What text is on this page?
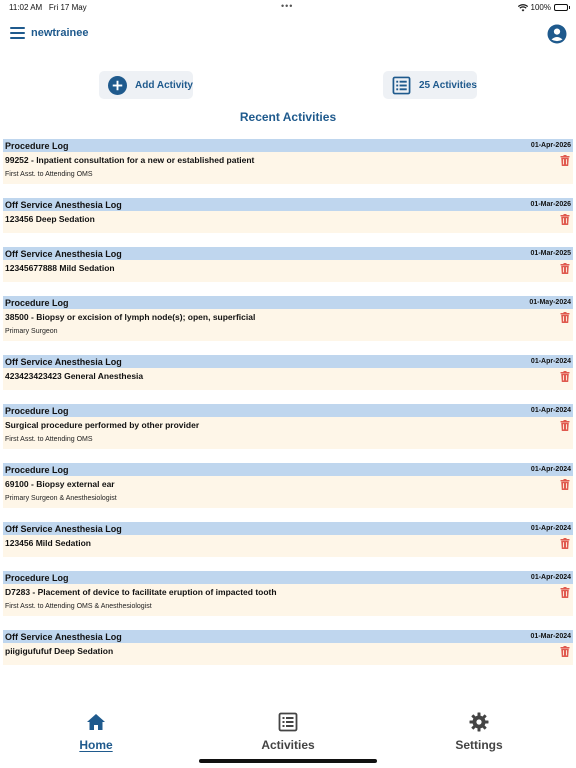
11:02 AM Fri 17 May	•••	100%
newtrainee
Add Activity	25 Activities
Recent Activities
Procedure Log	01-Apr-2026
99252 - Inpatient consultation for a new or established patient
First Asst. to Attending OMS
Off Service Anesthesia Log	01-Mar-2026
123456 Deep Sedation
Off Service Anesthesia Log	01-Mar-2025
12345677888 Mild Sedation
Procedure Log	01-May-2024
38500 - Biopsy or excision of lymph node(s); open, superficial
Primary Surgeon
Off Service Anesthesia Log	01-Apr-2024
423423423423 General Anesthesia
Procedure Log	01-Apr-2024
Surgical procedure performed by other provider
First Asst. to Attending OMS
Procedure Log	01-Apr-2024
69100 - Biopsy external ear
Primary Surgeon & Anesthesiologist
Off Service Anesthesia Log	01-Apr-2024
123456 Mild Sedation
Procedure Log	01-Apr-2024
D7283 - Placement of device to facilitate eruption of impacted tooth
First Asst. to Attending OMS & Anesthesiologist
Off Service Anesthesia Log	01-Mar-2024
piigigufufuf Deep Sedation
Home	Activities	Settings
